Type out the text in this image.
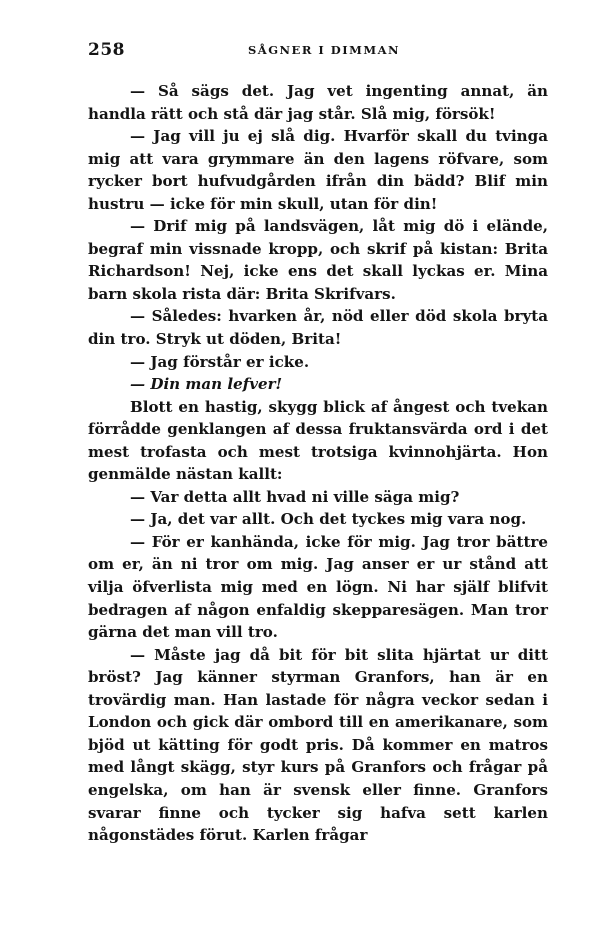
258	SÅGNER I DIMMAN

— Så sägs det. Jag vet ingenting annat, än handla rätt och stå där jag står. Slå mig, försök!

— Jag vill ju ej slå dig. Hvarför skall du tvinga mig att vara grymmare än den lagens röfvare, som rycker bort hufvudgården ifrån din bädd? Blif min hustru — icke för min skull, utan för din!

— Drif mig på landsvägen, låt mig dö i elände, begraf min vissnade kropp, och skrif på kistan: Brita Richardson! Nej, icke ens det skall lyckas er. Mina barn skola rista där: Brita Skrifvars.

— Således: hvarken år, nöd eller död skola bryta din tro. Stryk ut döden, Brita!

— Jag förstår er icke.

— Din man lefver!

Blott en hastig, skygg blick af ångest och tvekan förrådde genklangen af dessa fruktansvärda ord i det mest trofasta och mest trotsiga kvinnohjärta. Hon genmälde nästan kallt:

— Var detta allt hvad ni ville säga mig?

— Ja, det var allt. Och det tyckes mig vara nog.

— För er kanhända, icke för mig. Jag tror bättre om er, än ni tror om mig. Jag anser er ur stånd att vilja öfverlista mig med en lögn. Ni har själf blifvit bedragen af någon enfaldig skepparesägen. Man tror gärna det man vill tro.

— Måste jag då bit för bit slita hjärtat ur ditt bröst? Jag känner styrman Granfors, han är en trovärdig man. Han lastade för några veckor sedan i London och gick där ombord till en amerikanare, som bjöd ut kätting för godt pris. Då kommer en matros med långt skägg, styr kurs på Granfors och frågar på engelska, om han är svensk eller finne. Granfors svarar finne och tycker sig hafva sett karlen någonstädes förut. Karlen frågar
